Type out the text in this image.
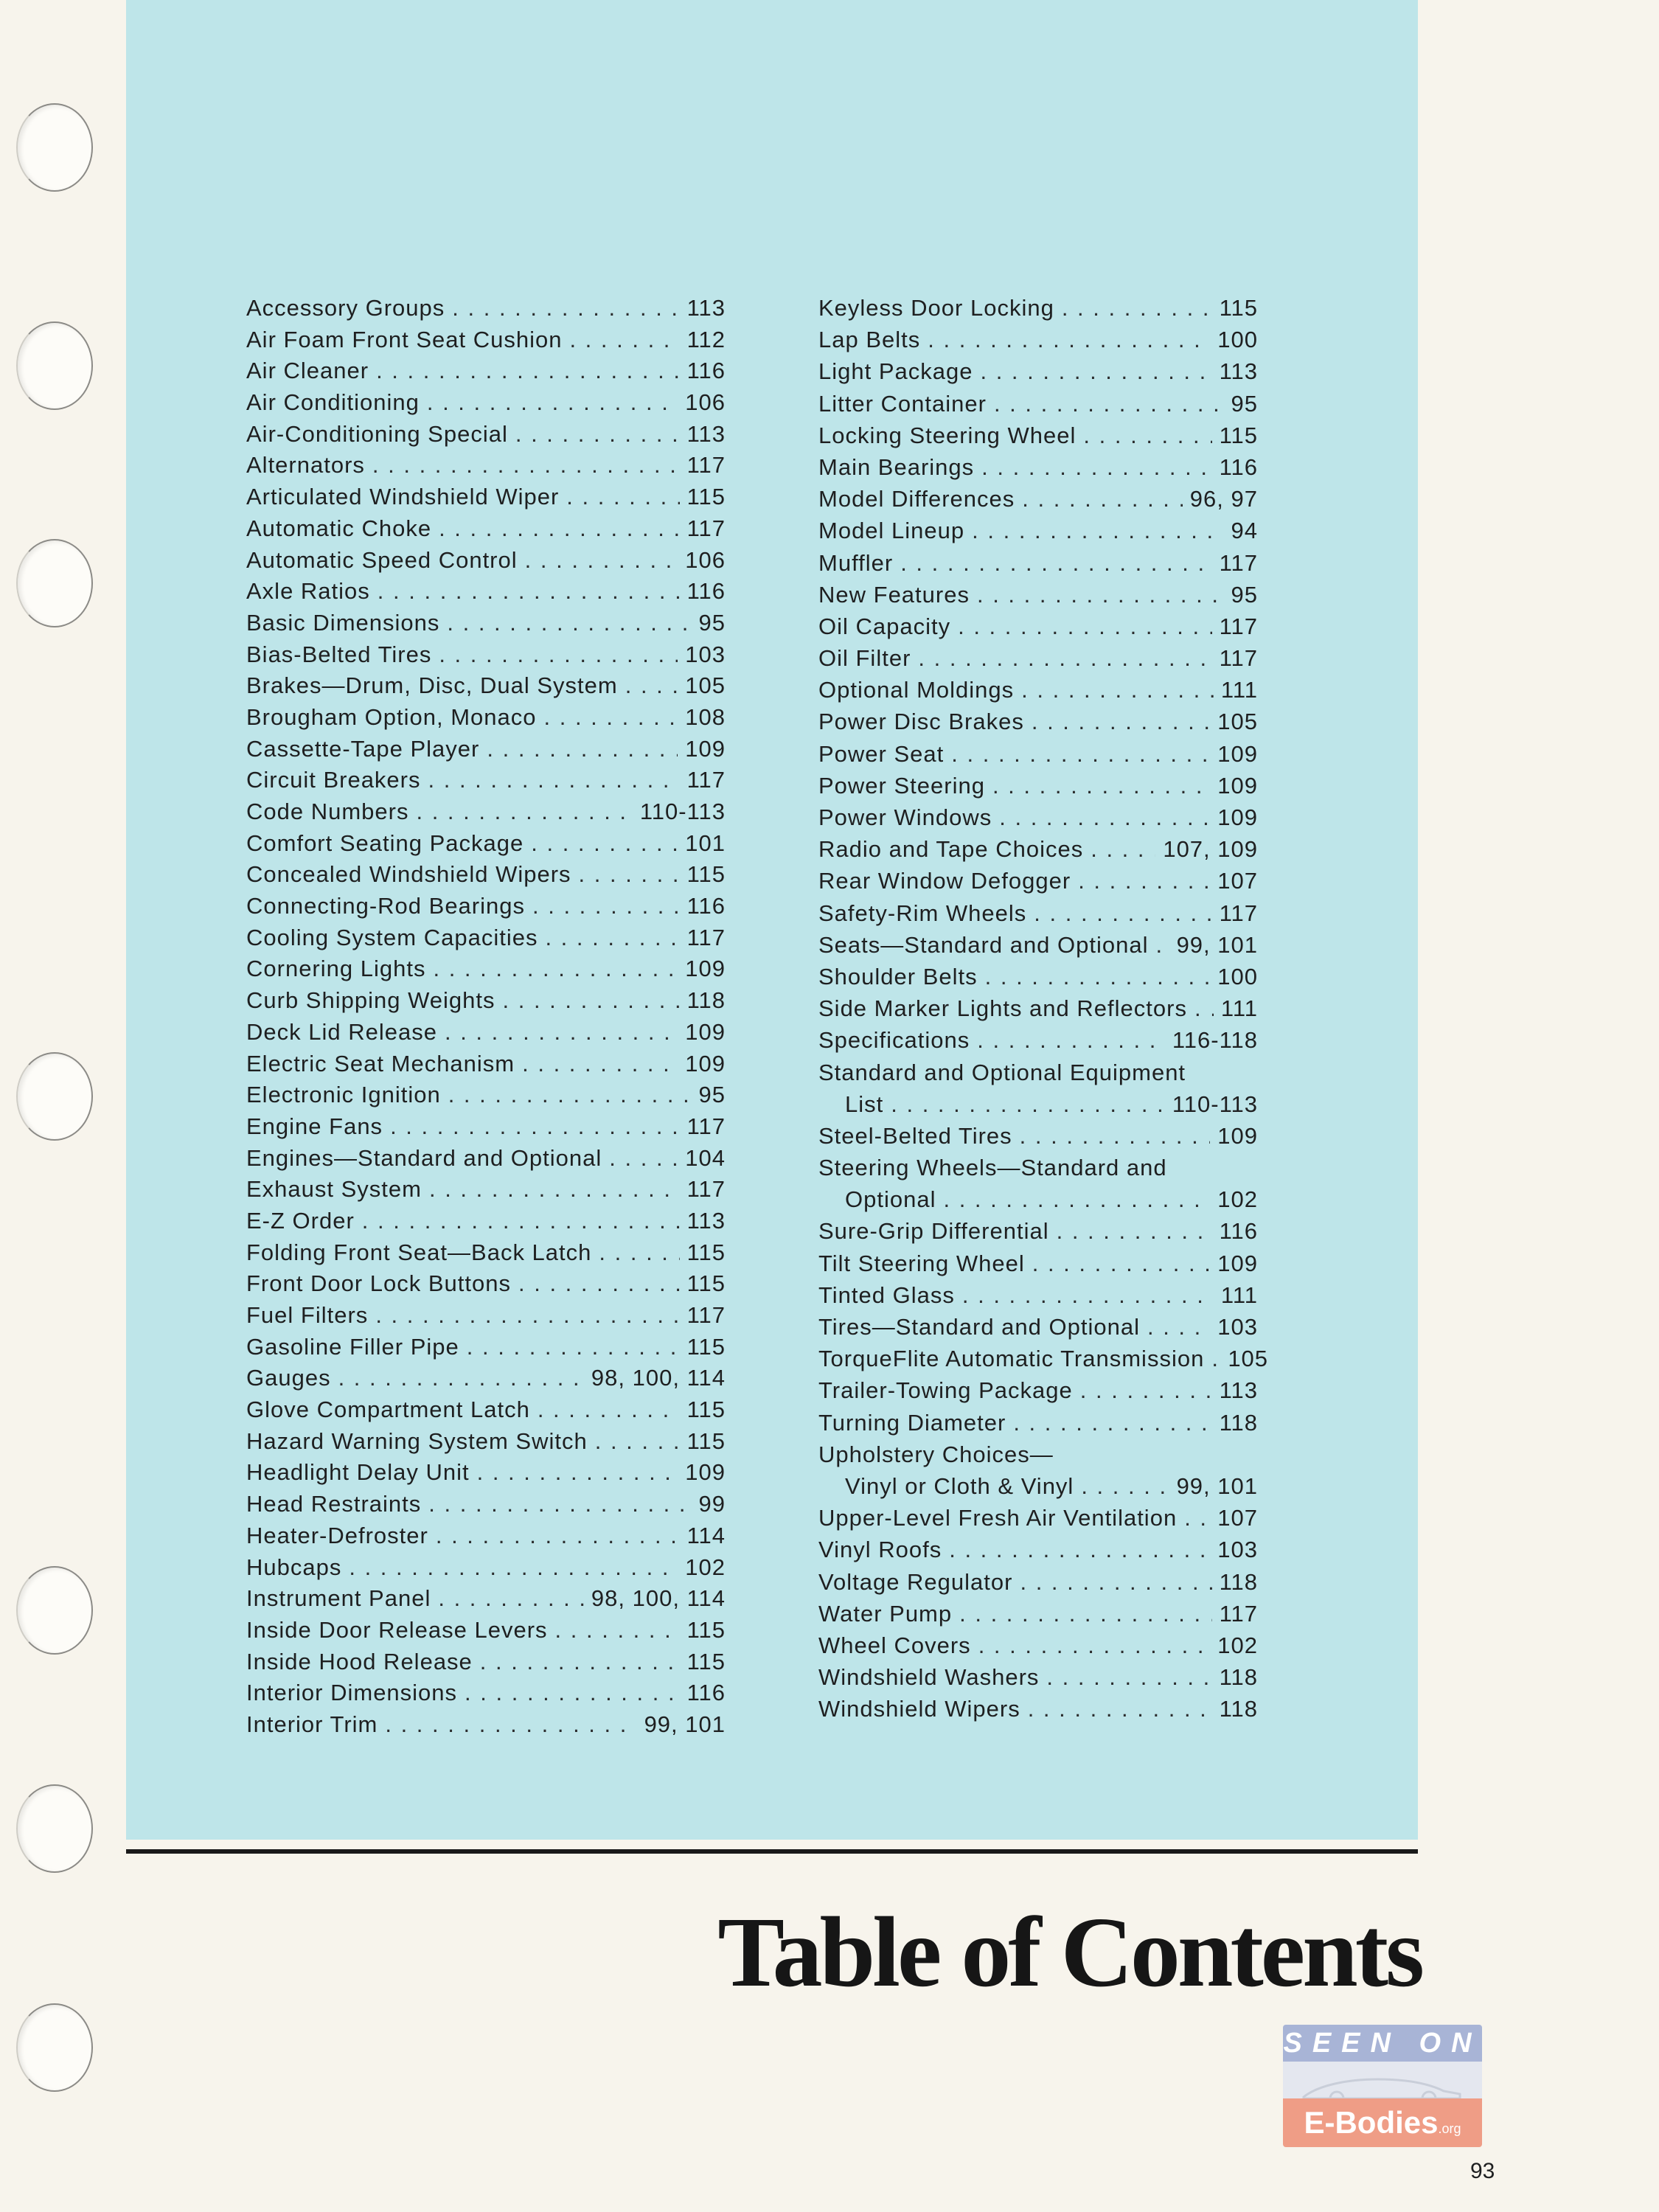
Accessory Groups . . .	113
Air Foam Front Seat Cushion . . .	112
Air Cleaner . . .	116
Air Conditioning . . .	106
Air-Conditioning Special . . .	113
Alternators . . .	117
Articulated Windshield Wiper . . .	115
Automatic Choke . . .	117
Automatic Speed Control . . .	106
Axle Ratios . . .	116
Basic Dimensions . . .	95
Bias-Belted Tires . . .	103
Brakes—Drum, Disc, Dual System . . .	105
Brougham Option, Monaco . . .	108
Cassette-Tape Player . . .	109
Circuit Breakers . . .	117
Code Numbers . . .	110-113
Comfort Seating Package . . .	101
Concealed Windshield Wipers . . .	115
Connecting-Rod Bearings . . .	116
Cooling System Capacities . . .	117
Cornering Lights . . .	109
Curb Shipping Weights . . .	118
Deck Lid Release . . .	109
Electric Seat Mechanism . . .	109
Electronic Ignition . . .	95
Engine Fans . . .	117
Engines—Standard and Optional . . .	104
Exhaust System . . .	117
E-Z Order . . .	113
Folding Front Seat—Back Latch . . .	115
Front Door Lock Buttons . . .	115
Fuel Filters . . .	117
Gasoline Filler Pipe . . .	115
Gauges . . .	98, 100, 114
Glove Compartment Latch . . .	115
Hazard Warning System Switch . . .	115
Headlight Delay Unit . . .	109
Head Restraints . . .	99
Heater-Defroster . . .	114
Hubcaps . . .	102
Instrument Panel . . .	98, 100, 114
Inside Door Release Levers . . .	115
Inside Hood Release . . .	115
Interior Dimensions . . .	116
Interior Trim . . .	99, 101
Keyless Door Locking . . .	115
Lap Belts . . .	100
Light Package . . .	113
Litter Container . . .	95
Locking Steering Wheel . . .	115
Main Bearings . . .	116
Model Differences . . .	96, 97
Model Lineup . . .	94
Muffler . . .	117
New Features . . .	95
Oil Capacity . . .	117
Oil Filter . . .	117
Optional Moldings . . .	111
Power Disc Brakes . . .	105
Power Seat . . .	109
Power Steering . . .	109
Power Windows . . .	109
Radio and Tape Choices . . .	107, 109
Rear Window Defogger . . .	107
Safety-Rim Wheels . . .	117
Seats—Standard and Optional . . . 99, 101
Shoulder Belts . . .	100
Side Marker Lights and Reflectors . . . 111
Specifications . . .	116-118
Standard and Optional Equipment
List . . .	110-113
Steel-Belted Tires . . .	109
Steering Wheels—Standard and
Optional . . .	102
Sure-Grip Differential . . .	116
Tilt Steering Wheel . . .	109
Tinted Glass . . .	111
Tires—Standard and Optional . . .	103
TorqueFlite Automatic Transmission . . . 105
Trailer-Towing Package . . .	113
Turning Diameter . . .	118
Upholstery Choices—
Vinyl or Cloth & Vinyl . . .	99, 101
Upper-Level Fresh Air Ventilation . . . 107
Vinyl Roofs . . .	103
Voltage Regulator . . .	118
Water Pump . . .	117
Wheel Covers . . .	102
Windshield Washers . . .	118
Windshield Wipers . . .	118
Table of Contents
SEEN ON
E-Bodies.org
93
